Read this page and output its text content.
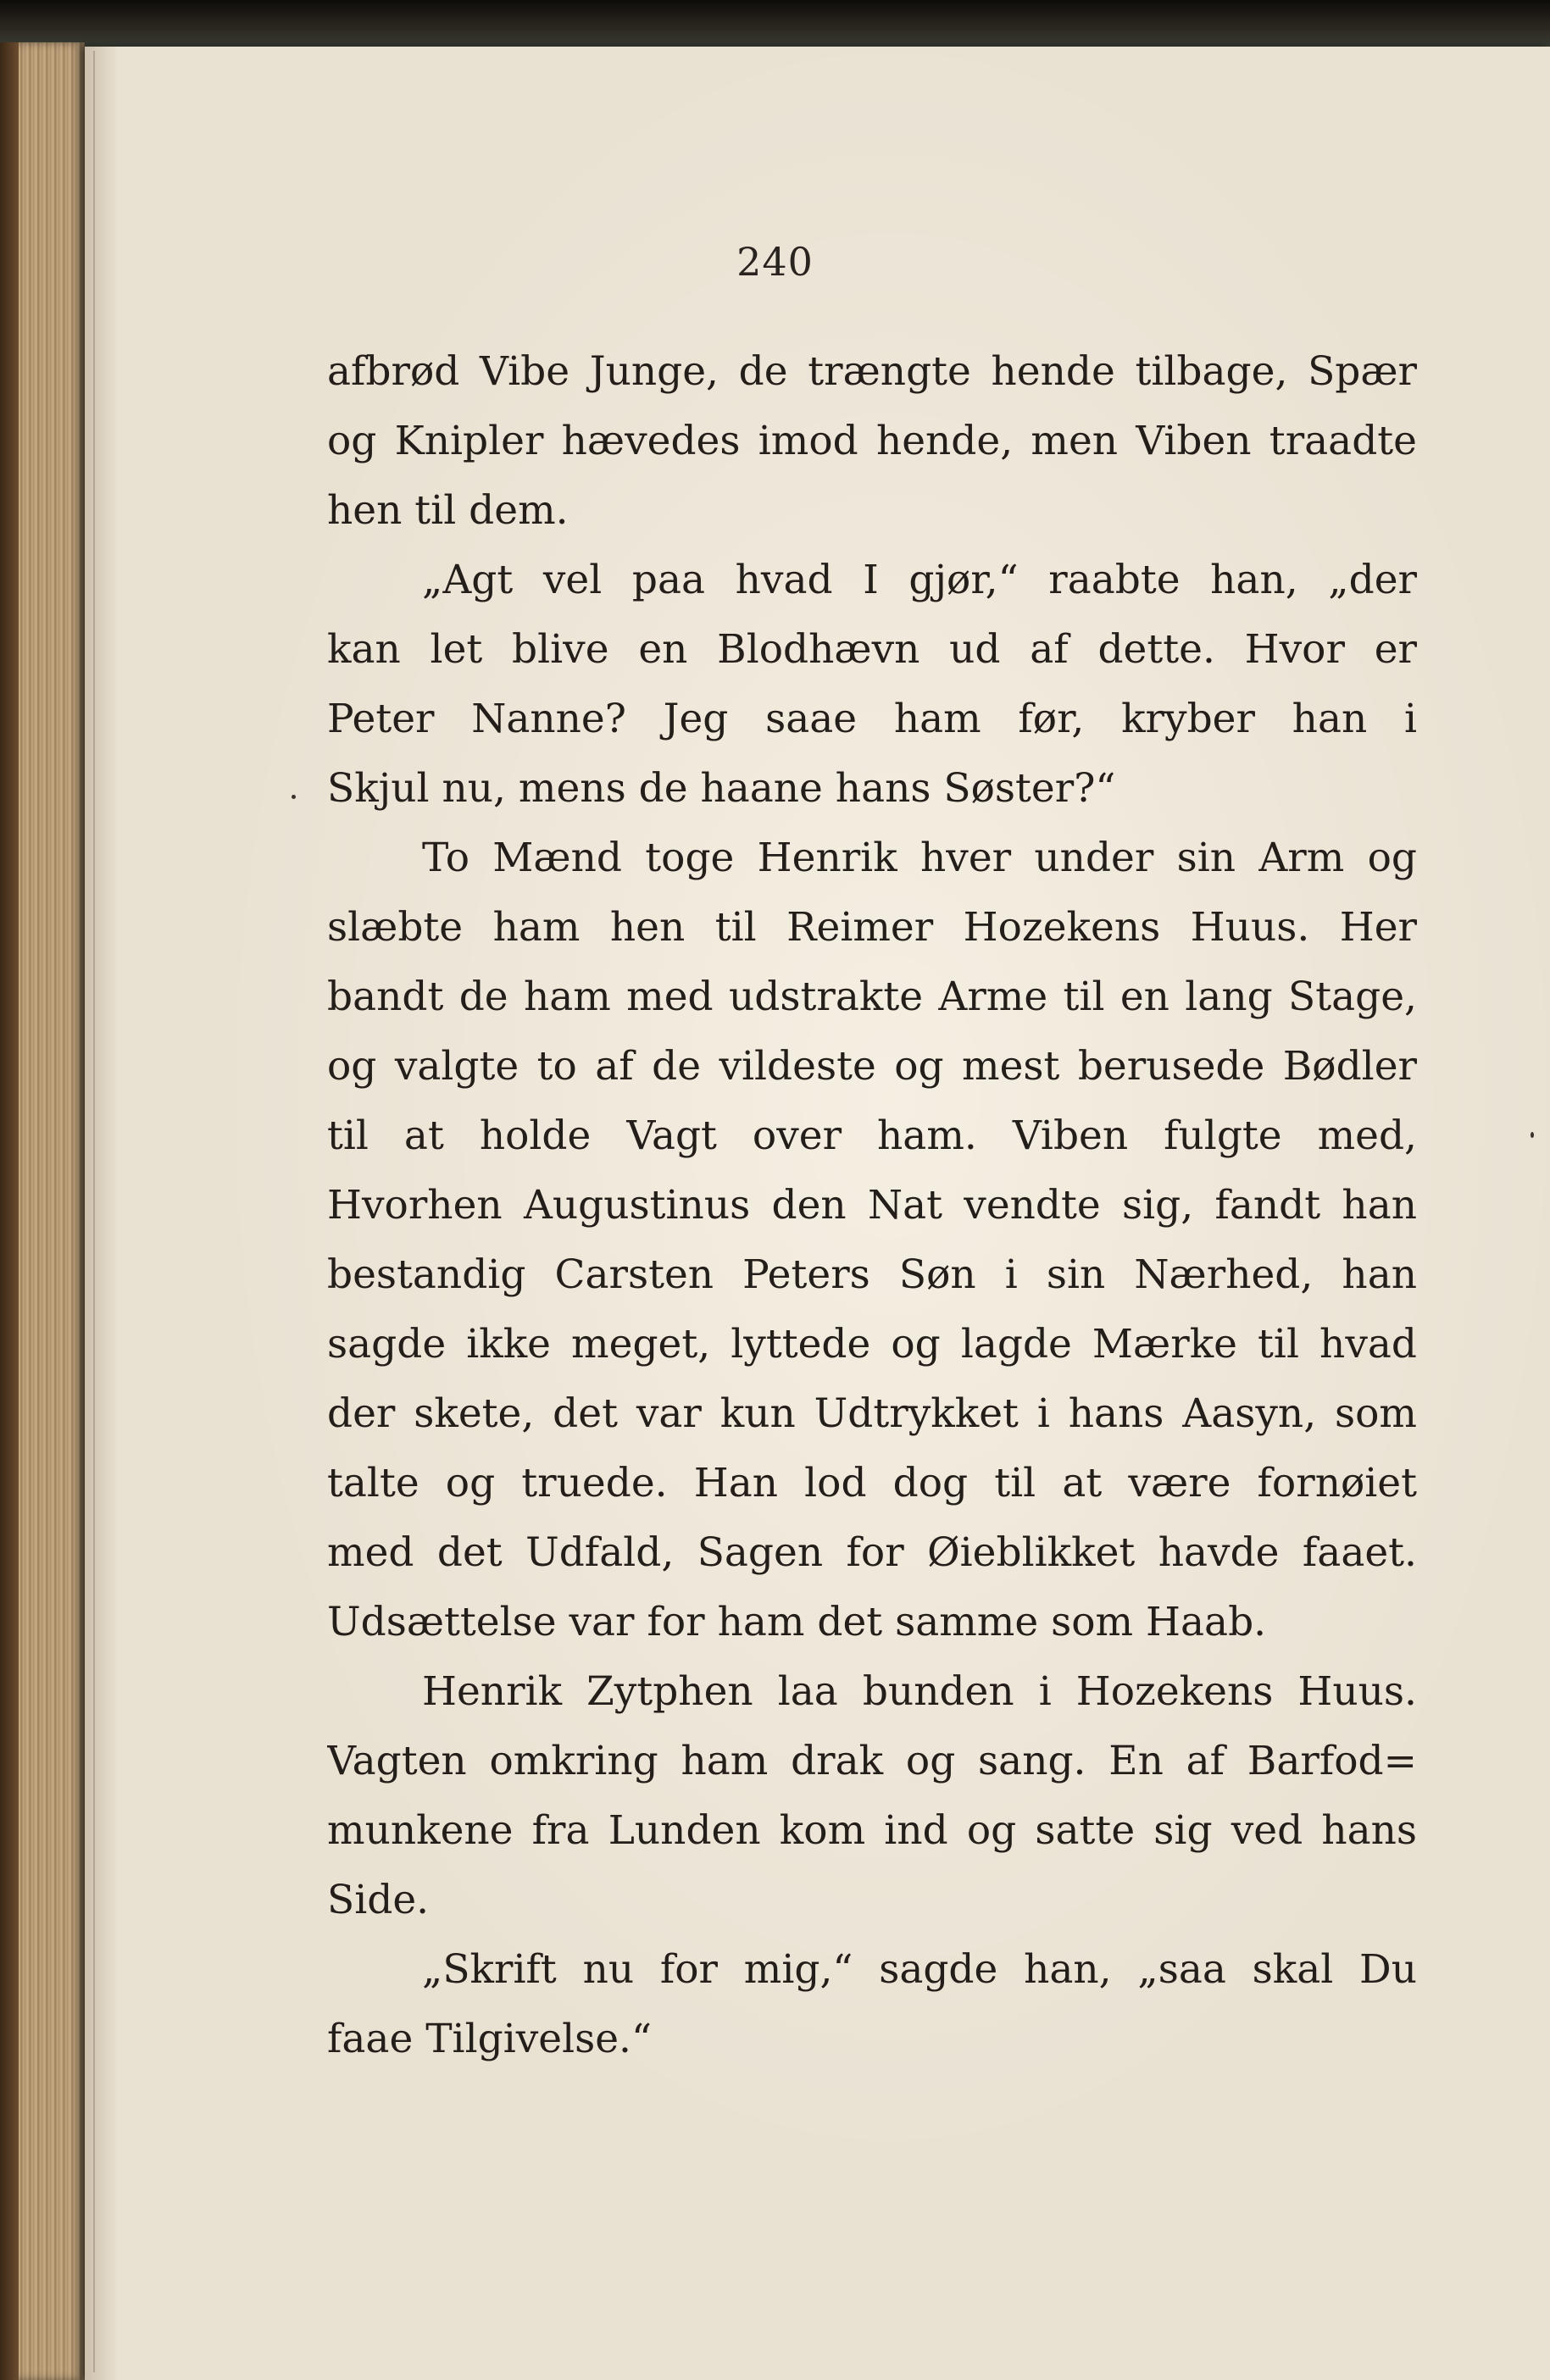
240
afbrød Vibe Junge, de trængte hende tilbage, Spær
og Knipler hævedes imod hende, men Viben traadte
hen til dem.
„Agt vel paa hvad I gjør,“ raabte han, „der
kan let blive en Blodhævn ud af dette. Hvor er
Peter Nanne? Jeg saae ham før, kryber han i
Skjul nu, mens de haane hans Søster?“
To Mænd toge Henrik hver under sin Arm og
slæbte ham hen til Reimer Hozekens Huus. Her
bandt de ham med udstrakte Arme til en lang Stage,
og valgte to af de vildeste og mest berusede Bødler
til at holde Vagt over ham. Viben fulgte med,
Hvorhen Augustinus den Nat vendte sig, fandt han
bestandig Carsten Peters Søn i sin Nærhed, han
sagde ikke meget, lyttede og lagde Mærke til hvad
der skete, det var kun Udtrykket i hans Aasyn, som
talte og truede. Han lod dog til at være fornøiet
med det Udfald, Sagen for Øieblikket havde faaet.
Udsættelse var for ham det samme som Haab.
Henrik Zytphen laa bunden i Hozekens Huus.
Vagten omkring ham drak og sang. En af Barfod=
munkene fra Lunden kom ind og satte sig ved hans
Side.
„Skrift nu for mig,“ sagde han, „saa skal Du
faae Tilgivelse.“
